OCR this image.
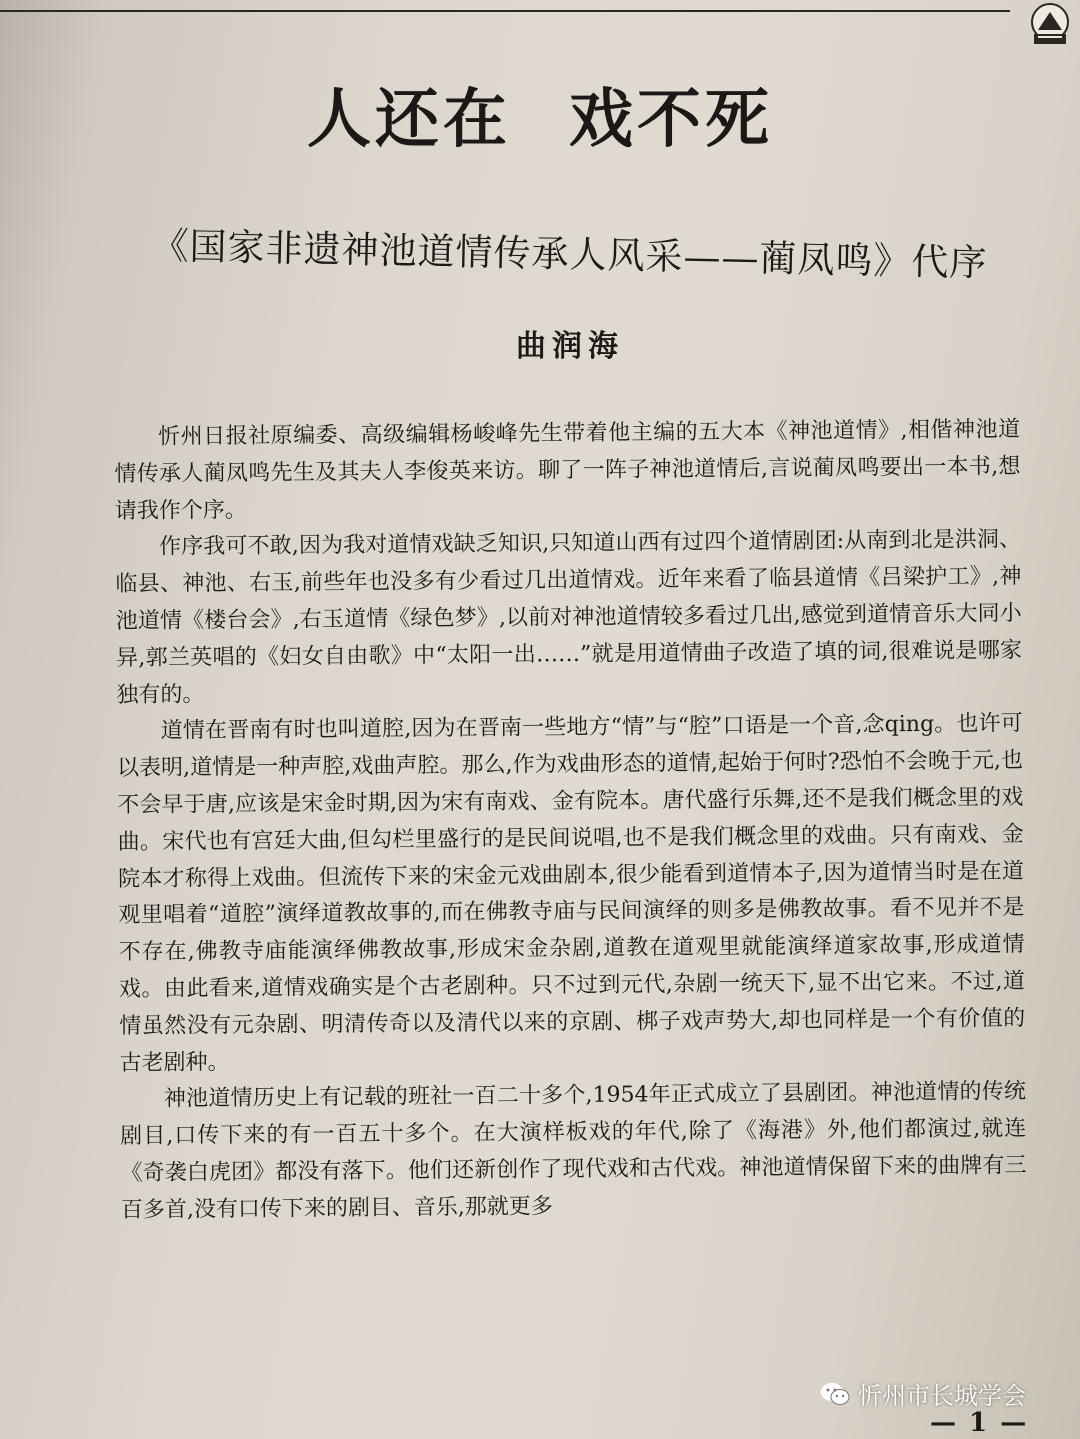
人还在 戏不死
《国家非遗神池道情传承人风采——蔺凤鸣》代序
曲润海

忻州日报社原编委、高级编辑杨峻峰先生带着他主编的五大本《神池道情》,相偕神池道情传承人蔺凤鸣先生及其夫人李俊英来访。聊了一阵子神池道情后,言说蔺凤鸣要出一本书,想请我作个序。

作序我可不敢,因为我对道情戏缺乏知识,只知道山西有过四个道情剧团:从南到北是洪洞、临县、神池、右玉,前些年也没多有少看过几出道情戏。近年来看了临县道情《吕梁护工》,神池道情《楼台会》,右玉道情《绿色梦》,以前对神池道情较多看过几出,感觉到道情音乐大同小异,郭兰英唱的《妇女自由歌》中“太阳一出……”就是用道情曲子改造了填的词,很难说是哪家独有的。

道情在晋南有时也叫道腔,因为在晋南一些地方“情”与“腔”口语是一个音,念qing。也许可以表明,道情是一种声腔,戏曲声腔。那么,作为戏曲形态的道情,起始于何时?恐怕不会晚于元,也不会早于唐,应该是宋金时期,因为宋有南戏、金有院本。唐代盛行乐舞,还不是我们概念里的戏曲。宋代也有宫廷大曲,但勾栏里盛行的是民间说唱,也不是我们概念里的戏曲。只有南戏、金院本才称得上戏曲。但流传下来的宋金元戏曲剧本,很少能看到道情本子,因为道情当时是在道观里唱着“道腔”演绎道教故事的,而在佛教寺庙与民间演绎的则多是佛教故事。看不见并不是不存在,佛教寺庙能演绎佛教故事,形成宋金杂剧,道教在道观里就能演绎道家故事,形成道情戏。由此看来,道情戏确实是个古老剧种。只不过到元代,杂剧一统天下,显不出它来。不过,道情虽然没有元杂剧、明清传奇以及清代以来的京剧、梆子戏声势大,却也同样是一个有价值的古老剧种。

神池道情历史上有记载的班社一百二十多个,1954年正式成立了县剧团。神池道情的传统剧目,口传下来的有一百五十多个。在大演样板戏的年代,除了《海港》外,他们都演过,就连《奇袭白虎团》都没有落下。他们还新创作了现代戏和古代戏。神池道情保留下来的曲牌有三百多首,没有口传下来的剧目、音乐,那就更多

忻州市长城学会
— 1 —
